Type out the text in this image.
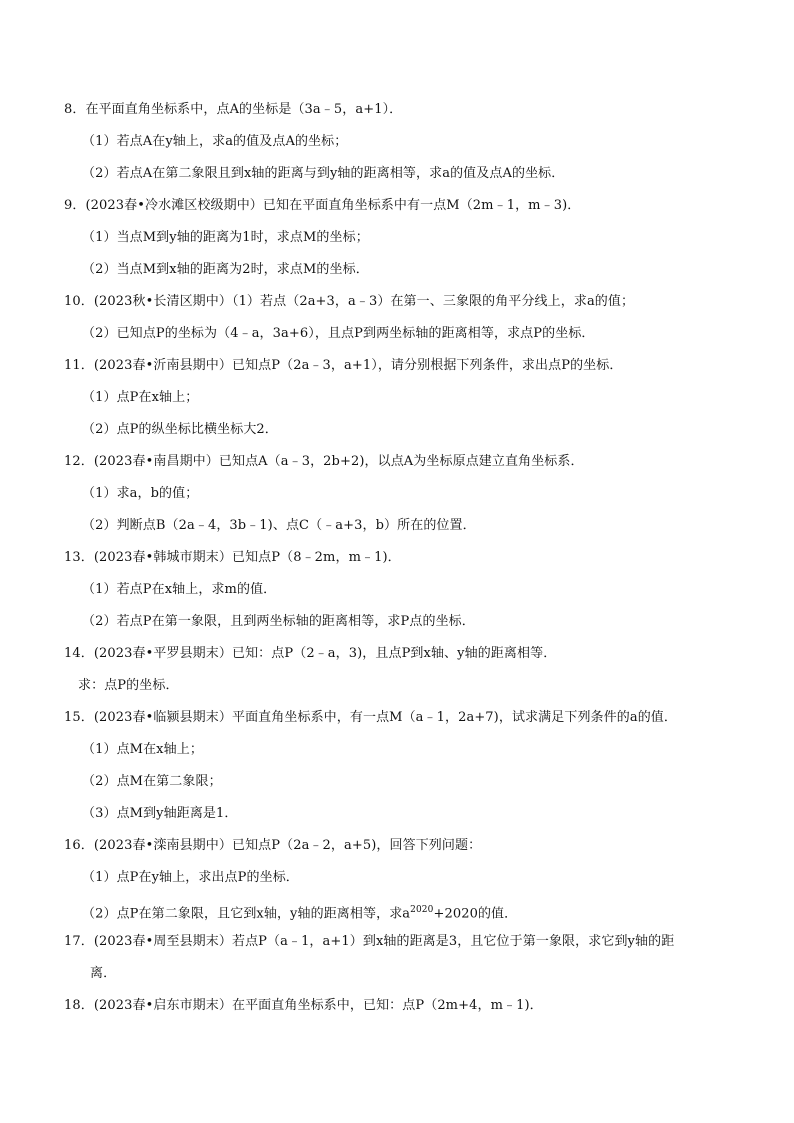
8．在平面直角坐标系中，点A的坐标是（3a﹣5，a+1）．
（1）若点A在y轴上，求a的值及点A的坐标；
（2）若点A在第二象限且到x轴的距离与到y轴的距离相等，求a的值及点A的坐标．
9．(2023春•冷水滩区校级期中）已知在平面直角坐标系中有一点M（2m﹣1，m﹣3)．
（1）当点M到y轴的距离为1时，求点M的坐标；
（2）当点M到x轴的距离为2时，求点M的坐标．
10．(2023秋•长清区期中）（1）若点（2a+3，a﹣3）在第一、三象限的角平分线上，求a的值；
（2）已知点P的坐标为（4﹣a，3a+6），且点P到两坐标轴的距离相等，求点P的坐标．
11．(2023春•沂南县期中）已知点P（2a﹣3，a+1），请分别根据下列条件，求出点P的坐标．
（1）点P在x轴上；
（2）点P的纵坐标比横坐标大2．
12．(2023春•南昌期中）已知点A（a﹣3，2b+2)，以点A为坐标原点建立直角坐标系．
（1）求a，b的值；
（2）判断点B（2a﹣4，3b﹣1)、点C（﹣a+3，b）所在的位置．
13．(2023春•韩城市期末）已知点P（8﹣2m，m﹣1)．
（1）若点P在x轴上，求m的值．
（2）若点P在第一象限，且到两坐标轴的距离相等，求P点的坐标．
14．(2023春•平罗县期末）已知：点P（2﹣a，3)，且点P到x轴、y轴的距离相等．
求：点P的坐标．
15．(2023春•临颍县期末）平面直角坐标系中，有一点M（a﹣1，2a+7)，试求满足下列条件的a的值．
（1）点M在x轴上；
（2）点M在第二象限；
（3）点M到y轴距离是1．
16．(2023春•滦南县期中）已知点P（2a﹣2，a+5)，回答下列问题：
（1）点P在y轴上，求出点P的坐标．
（2）点P在第二象限，且它到x轴，y轴的距离相等，求$a^{2020}+2020$的值．
17．(2023春•周至县期末）若点P（a﹣1，a+1）到x轴的距离是3，且它位于第一象限，求它到y轴的距
离．
18．(2023春•启东市期末）在平面直角坐标系中，已知：点P（2m+4，m﹣1)．
